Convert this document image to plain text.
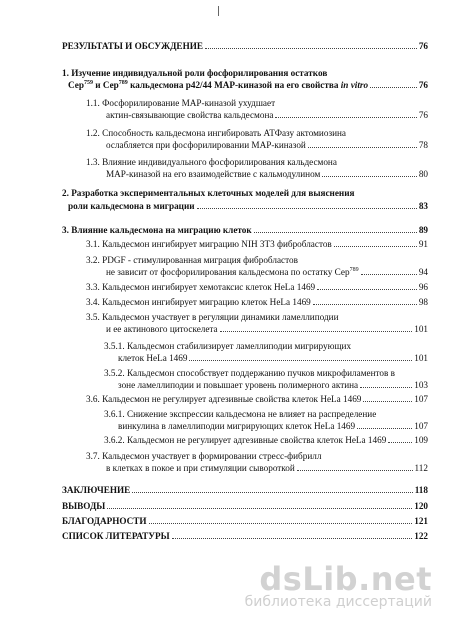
РЕЗУЛЬТАТЫ И ОБСУЖДЕНИЕ	76
1. Изучение индивидуальной роли фосфорилирования остатков
Сер$^{759}$ и Сер$^{789}$ кальдесмона р42/44 МАР-киназой на его свойства in vitro	76
1.1. Фосфорилирование МАР-киназой ухудшает
актин-связывающие свойства кальдесмона	76
1.2. Способность кальдесмона ингибировать АТФазу актомиозина
ослабляется при фосфорилировании МАР-киназой	78
1.3. Влияние индивидуального фосфорилирования кальдесмона
МАР-киназой на его взаимодействие с кальмодулином	80
2. Разработка экспериментальных клеточных моделей для выяснения
роли кальдесмона в миграции	83
3. Влияние кальдесмона на миграцию клеток	89
3.1. Кальдесмон ингибирует миграцию NIH 3T3 фибробластов	91
3.2. PDGF - стимулированная миграция фибробластов
не зависит от фосфорилирования кальдесмона по остатку Сер$^{789}$	94
3.3. Кальдесмон ингибирует хемотаксис клеток HeLa 1469	96
3.4. Кальдесмон ингибирует миграцию клеток HeLa 1469	98
3.5. Кальдесмон участвует в регуляции динамики ламеллиподии
и ее актинового цитоскелета	101
3.5.1. Кальдесмон стабилизирует ламеллиподии мигрирующих
клеток HeLa 1469	101
3.5.2. Кальдесмон способствует поддержанию пучков микрофиламентов в
зоне ламеллиподии и повышает уровень полимерного актина	103
3.6. Кальдесмон не регулирует адгезивные свойства клеток HeLa 1469	107
3.6.1. Снижение экспрессии кальдесмона не влияет на распределение
винкулина в ламеллиподии мигрирующих клеток HeLa 1469	107
3.6.2. Кальдесмон не регулирует адгезивные свойства клеток HeLa 1469	109
3.7. Кальдесмон участвует в формировании стресс-фибрилл
в клетках в покое и при стимуляции сывороткой	112
ЗАКЛЮЧЕНИЕ	118
ВЫВОДЫ	120
БЛАГОДАРНОСТИ	121
СПИСОК ЛИТЕРАТУРЫ	122
dsLib.net
библиотека диссертаций
